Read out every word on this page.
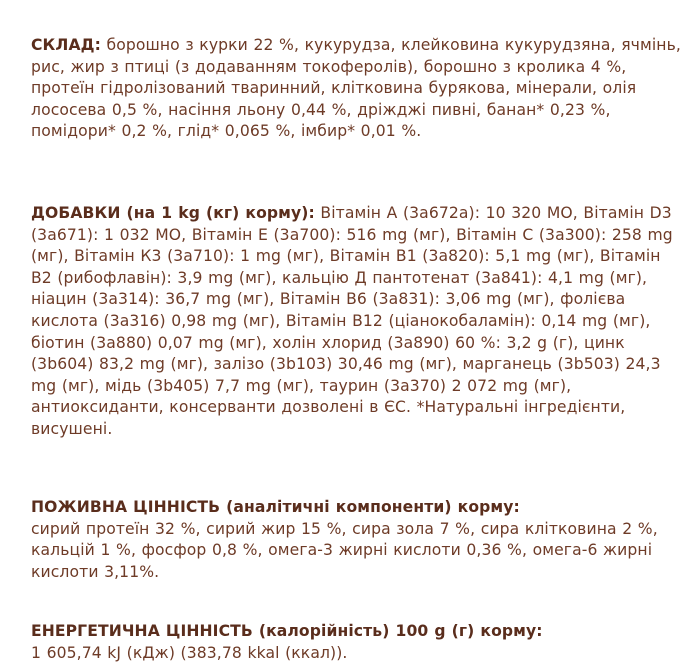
СКЛАД: борошно з курки 22 %, кукурудза, клейковина кукурудзяна, ячмінь, рис, жир з птиці (з додаванням токоферолів), борошно з кролика 4 %, протеїн гідролізований тваринний, клітковина бурякова, мінерали, олія лососева 0,5 %, насіння льону 0,44 %, дріжджі пивні, банан* 0,23 %, помідори* 0,2 %, глід* 0,065 %, імбир* 0,01 %.
ДОБАВКИ (на 1 kg (кг) корму): Вітамін А (3a672a): 10 320 MO, Вітамін D3 (3a671): 1 032 MO, Вітамін Е (3a700): 516 mg (мг), Вітамін С (3a300): 258 mg (мг), Вітамін К3 (3a710): 1 mg (мг), Вітамін В1 (3a820): 5,1 mg (мг), Вітамін В2 (рибофлавін): 3,9 mg (мг), кальцію Д пантотенат (3a841): 4,1 mg (мг), ніацин (3a314): 36,7 mg (мг), Вітамін В6 (3a831): 3,06 mg (мг), фолієва кислота (3a316) 0,98 mg (мг), Вітамін В12 (ціанокобаламін): 0,14 mg (мг), біотин (3a880) 0,07 mg (мг), холін хлорид (3a890) 60 %: 3,2 g (г), цинк (3b604) 83,2 mg (мг), залізо (3b103) 30,46 mg (мг), марганець (3b503) 24,3 mg (мг), мідь (3b405) 7,7 mg (мг), таурин (3a370) 2 072 mg (мг), антиоксиданти, консерванти дозволені в ЄС. *Натуральні інгредієнти, висушені.
ПОЖИВНА ЦІННІСТЬ (аналітичні компоненти) корму:
сирий протеїн 32 %, сирий жир 15 %, сира зола 7 %, сира клітковина 2 %, кальцій 1 %, фосфор 0,8 %, омега-3 жирні кислоти 0,36 %, омега-6 жирні кислоти 3,11%.
ЕНЕРГЕТИЧНА ЦІННІСТЬ (калорійність) 100 g (г) корму:
1 605,74 kJ (кДж) (383,78 kkal (ккал)).
